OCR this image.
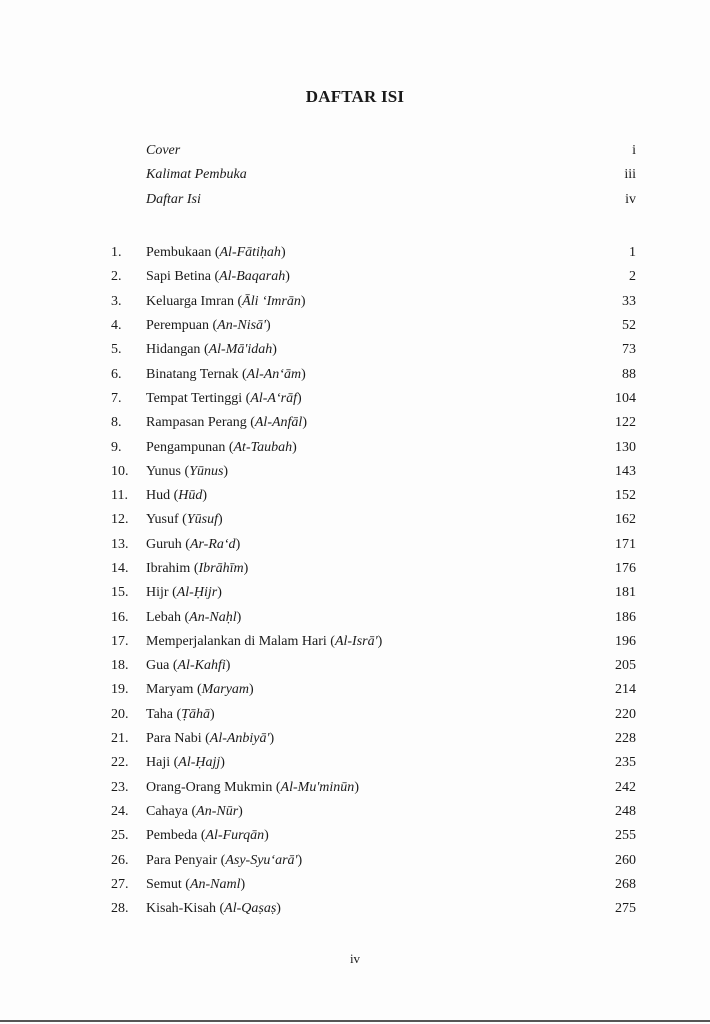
DAFTAR ISI
Cover	i
Kalimat Pembuka	iii
Daftar Isi	iv
1.	Pembukaan (Al-Fātiḥah)	1
2.	Sapi Betina (Al-Baqarah)	2
3.	Keluarga Imran (Āli ‘Imrān)	33
4.	Perempuan (An-Nisā')	52
5.	Hidangan (Al-Mā'idah)	73
6.	Binatang Ternak (Al-An‘ām)	88
7.	Tempat Tertinggi (Al-A‘rāf)	104
8.	Rampasan Perang (Al-Anfāl)	122
9.	Pengampunan (At-Taubah)	130
10.	Yunus (Yūnus)	143
11.	Hud (Hūd)	152
12.	Yusuf (Yūsuf)	162
13.	Guruh (Ar-Ra‘d)	171
14.	Ibrahim (Ibrāhīm)	176
15.	Hijr (Al-Ḥijr)	181
16.	Lebah (An-Naḥl)	186
17.	Memperjalankan di Malam Hari (Al-Isrā')	196
18.	Gua (Al-Kahfi)	205
19.	Maryam (Maryam)	214
20.	Taha (Ṭāhā)	220
21.	Para Nabi (Al-Anbiyā')	228
22.	Haji (Al-Ḥajj)	235
23.	Orang-Orang Mukmin (Al-Mu'minūn)	242
24.	Cahaya (An-Nūr)	248
25.	Pembeda (Al-Furqān)	255
26.	Para Penyair (Asy-Syu‘arā')	260
27.	Semut (An-Naml)	268
28.	Kisah-Kisah (Al-Qaṣaṣ)	275
iv
